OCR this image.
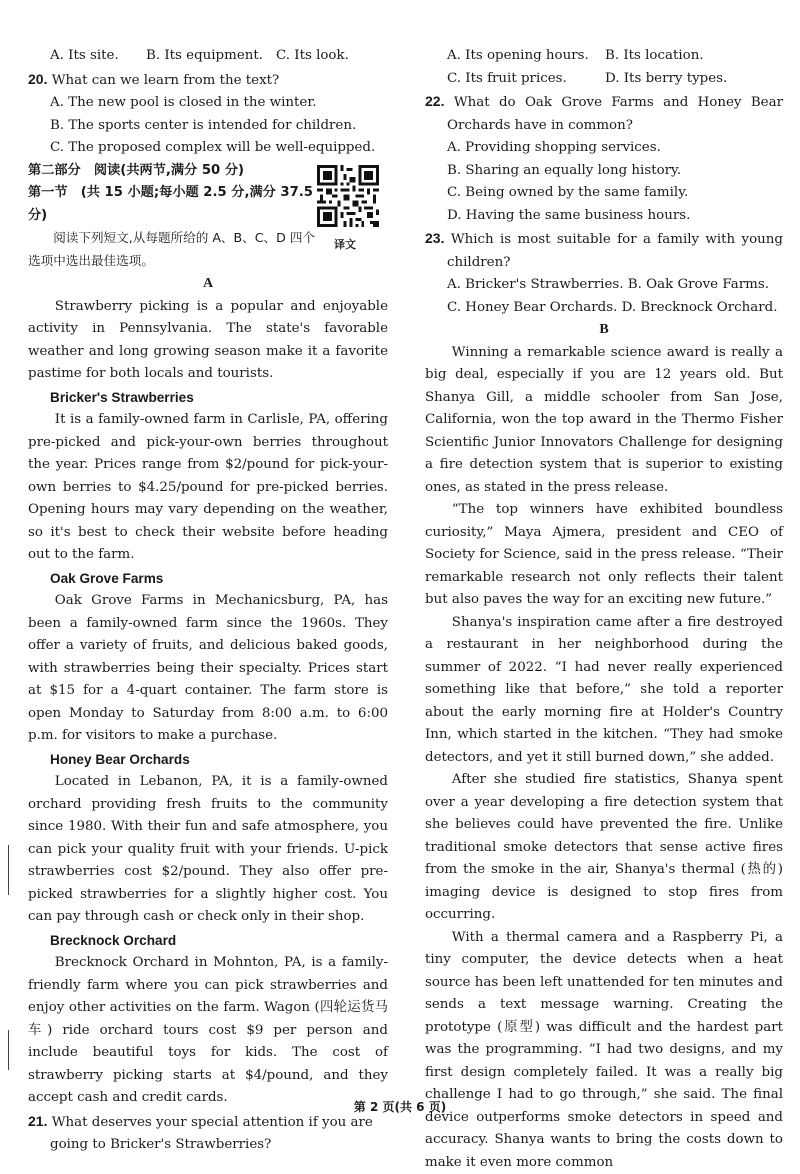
A. Its site.	B. Its equipment. C. Its look.

20. What can we learn from the text?

A. The new pool is closed in the winter.

B. The sports center is intended for children.

C. The proposed complex will be well-equipped.

第二部分　阅读(共两节,满分 50 分)

第一节　(共 15 小题;每小题 2.5 分,满分 37.5 分)

阅读下列短文,从每题所给的 A、B、C、D 四个选项中选出最佳选项。

A

Strawberry picking is a popular and enjoyable activity in Pennsylvania. The state's favorable weather and long growing season make it a favorite pastime for both locals and tourists.

Bricker's Strawberries

It is a family-owned farm in Carlisle, PA, offering pre-picked and pick-your-own berries throughout the year. Prices range from $2/pound for pick-your-own berries to $4.25/pound for pre-picked berries. Opening hours may vary depending on the weather, so it's best to check their website before heading out to the farm.

Oak Grove Farms

Oak Grove Farms in Mechanicsburg, PA, has been a family-owned farm since the 1960s. They offer a variety of fruits, and delicious baked goods, with strawberries being their specialty. Prices start at $15 for a 4-quart container. The farm store is open Monday to Saturday from 8:00 a.m. to 6:00 p.m. for visitors to make a purchase.

Honey Bear Orchards

Located in Lebanon, PA, it is a family-owned orchard providing fresh fruits to the community since 1980. With their fun and safe atmosphere, you can pick your quality fruit with your friends. U-pick strawberries cost $2/pound. They also offer pre-picked strawberries for a slightly higher cost. You can pay through cash or check only in their shop.

Brecknock Orchard

Brecknock Orchard in Mohnton, PA, is a family-friendly farm where you can pick strawberries and enjoy other activities on the farm. Wagon (四轮运货马车) ride orchard tours cost $9 per person and include beautiful toys for kids. The cost of strawberry picking starts at $4/pound, and they accept cash and credit cards.

21. What deserves your special attention if you are going to Bricker's Strawberries?

译文
A. Its opening hours.	B. Its location.
C. Its fruit prices.	D. Its berry types.

22. What do Oak Grove Farms and Honey Bear Orchards have in common?

A. Providing shopping services.

B. Sharing an equally long history.

C. Being owned by the same family.

D. Having the same business hours.

23. Which is most suitable for a family with young children?

A. Bricker's Strawberries.
B. Oak Grove Farms.
C. Honey Bear Orchards.
D. Brecknock Orchard.

B

Winning a remarkable science award is really a big deal, especially if you are 12 years old. But Shanya Gill, a middle schooler from San Jose, California, won the top award in the Thermo Fisher Scientific Junior Innovators Challenge for designing a fire detection system that is superior to existing ones, as stated in the press release.

“The top winners have exhibited boundless curiosity,” Maya Ajmera, president and CEO of Society for Science, said in the press release. “Their remarkable research not only reflects their talent but also paves the way for an exciting new future.”

Shanya's inspiration came after a fire destroyed a restaurant in her neighborhood during the summer of 2022. “I had never really experienced something like that before,” she told a reporter about the early morning fire at Holder's Country Inn, which started in the kitchen. “They had smoke detectors, and yet it still burned down,” she added.

After she studied fire statistics, Shanya spent over a year developing a fire detection system that she believes could have prevented the fire. Unlike traditional smoke detectors that sense active fires from the smoke in the air, Shanya's thermal (热的) imaging device is designed to stop fires from occurring.

With a thermal camera and a Raspberry Pi, a tiny computer, the device detects when a heat source has been left unattended for ten minutes and sends a text message warning. Creating the prototype (原型) was difficult and the hardest part was the programming. “I had two designs, and my first design completely failed. It was a really big challenge I had to go through,” she said. The final device outperforms smoke detectors in speed and accuracy. Shanya wants to bring the costs down to make it even more common

第 2 页(共 6 页)
